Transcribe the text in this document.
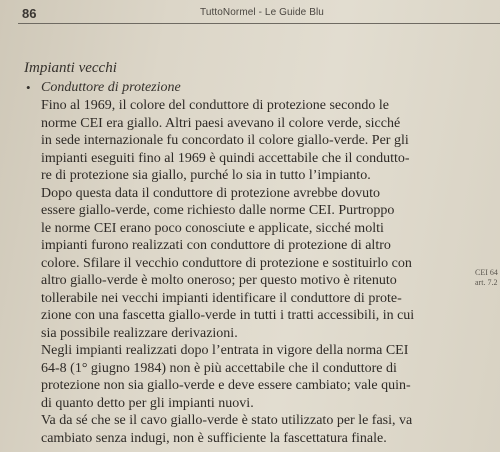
86	TuttoNormel - Le Guide Blu
Impianti vecchi
• Conduttore di protezione
Fino al 1969, il colore del conduttore di protezione secondo le
norme CEI era giallo. Altri paesi avevano il colore verde, sicché
in sede internazionale fu concordato il colore giallo-verde. Per gli
impianti eseguiti fino al 1969 è quindi accettabile che il condutto-
re di protezione sia giallo, purché lo sia in tutto l’impianto.
Dopo questa data il conduttore di protezione avrebbe dovuto
essere giallo-verde, come richiesto dalle norme CEI. Purtroppo
le norme CEI erano poco conosciute e applicate, sicché molti
impianti furono realizzati con conduttore di protezione di altro
colore. Sfilare il vecchio conduttore di protezione e sostituirlo con
altro giallo-verde è molto oneroso; per questo motivo è ritenuto
tollerabile nei vecchi impianti identificare il conduttore di prote-
zione con una fascetta giallo-verde in tutti i tratti accessibili, in cui
sia possibile realizzare derivazioni.
Negli impianti realizzati dopo l’entrata in vigore della norma CEI
64-8 (1° giugno 1984) non è più accettabile che il conduttore di
protezione non sia giallo-verde e deve essere cambiato; vale quin-
di quanto detto per gli impianti nuovi.
Va da sé che se il cavo giallo-verde è stato utilizzato per le fasi, va
cambiato senza indugi, non è sufficiente la fascettatura finale.
CEI 64
art. 7.2
